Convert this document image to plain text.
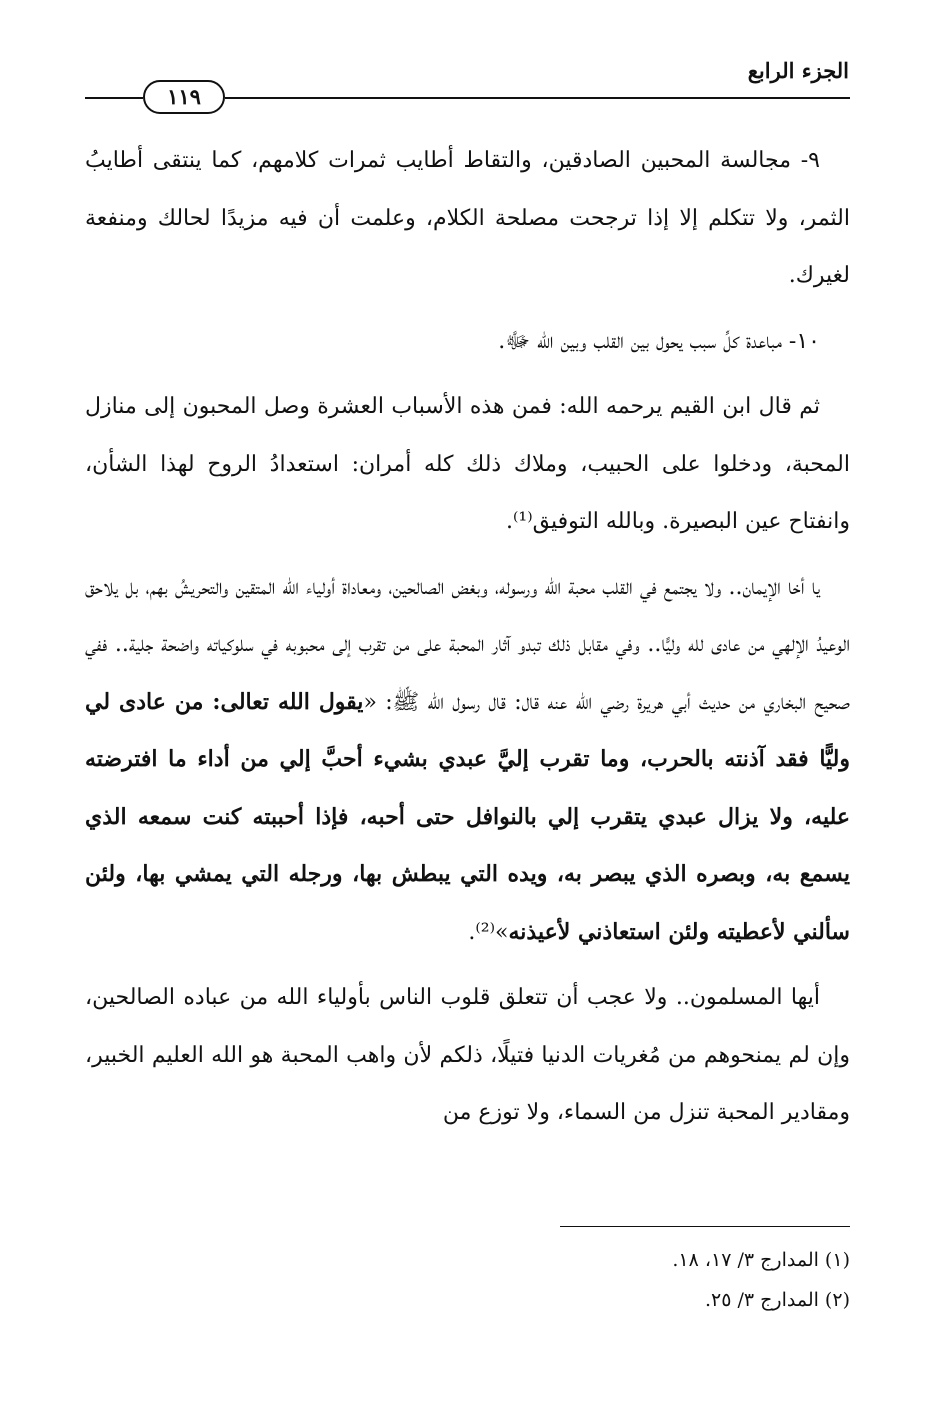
الجزء الرابع
١١٩

٩- مجالسة المحبين الصادقين، والتقاط أطايب ثمرات كلامهم، كما ينتقى أطايبُ الثمر، ولا تتكلم إلا إذا ترجحت مصلحة الكلام، وعلمت أن فيه مزيدًا لحالك ومنفعة لغيرك.

١٠- مباعدة كلِّ سبب يحول بين القلب وبين الله ﷻ.

ثم قال ابن القيم يرحمه الله: فمن هذه الأسباب العشرة وصل المحبون إلى منازل المحبة، ودخلوا على الحبيب، وملاك ذلك كله أمران: استعدادُ الروح لهذا الشأن، وانفتاح عين البصيرة. وبالله التوفيق⁽¹⁾.

يا أخا الإيمان.. ولا يجتمع في القلب محبة الله ورسوله، وبغض الصالحين، ومعاداة أولياء الله المتقين والتحريشُ بهم، بل يلاحق الوعيدُ الإلهي من عادى لله وليًّا.. وفي مقابل ذلك تبدو آثار المحبة على من تقرب إلى محبوبه في سلوكياته واضحة جلية.. ففي صحيح البخاري من حديث أبي هريرة رضي الله عنه قال: قال رسول الله ﷺ: «يقول الله تعالى: من عادى لي وليًّا فقد آذنته بالحرب، وما تقرب إليَّ عبدي بشيء أحبَّ إلي من أداء ما افترضته عليه، ولا يزال عبدي يتقرب إلي بالنوافل حتى أحبه، فإذا أحببته كنت سمعه الذي يسمع به، وبصره الذي يبصر به، ويده التي يبطش بها، ورجله التي يمشي بها، ولئن سألني لأعطيته ولئن استعاذني لأعيذنه»⁽²⁾.

أيها المسلمون.. ولا عجب أن تتعلق قلوب الناس بأولياء الله من عباده الصالحين، وإن لم يمنحوهم من مُغريات الدنيا فتيلًا، ذلكم لأن واهب المحبة هو الله العليم الخبير، ومقادير المحبة تنزل من السماء، ولا توزع من

(١) المدارج ٣/ ١٧، ١٨.
(٢) المدارج ٣/ ٢٥.
